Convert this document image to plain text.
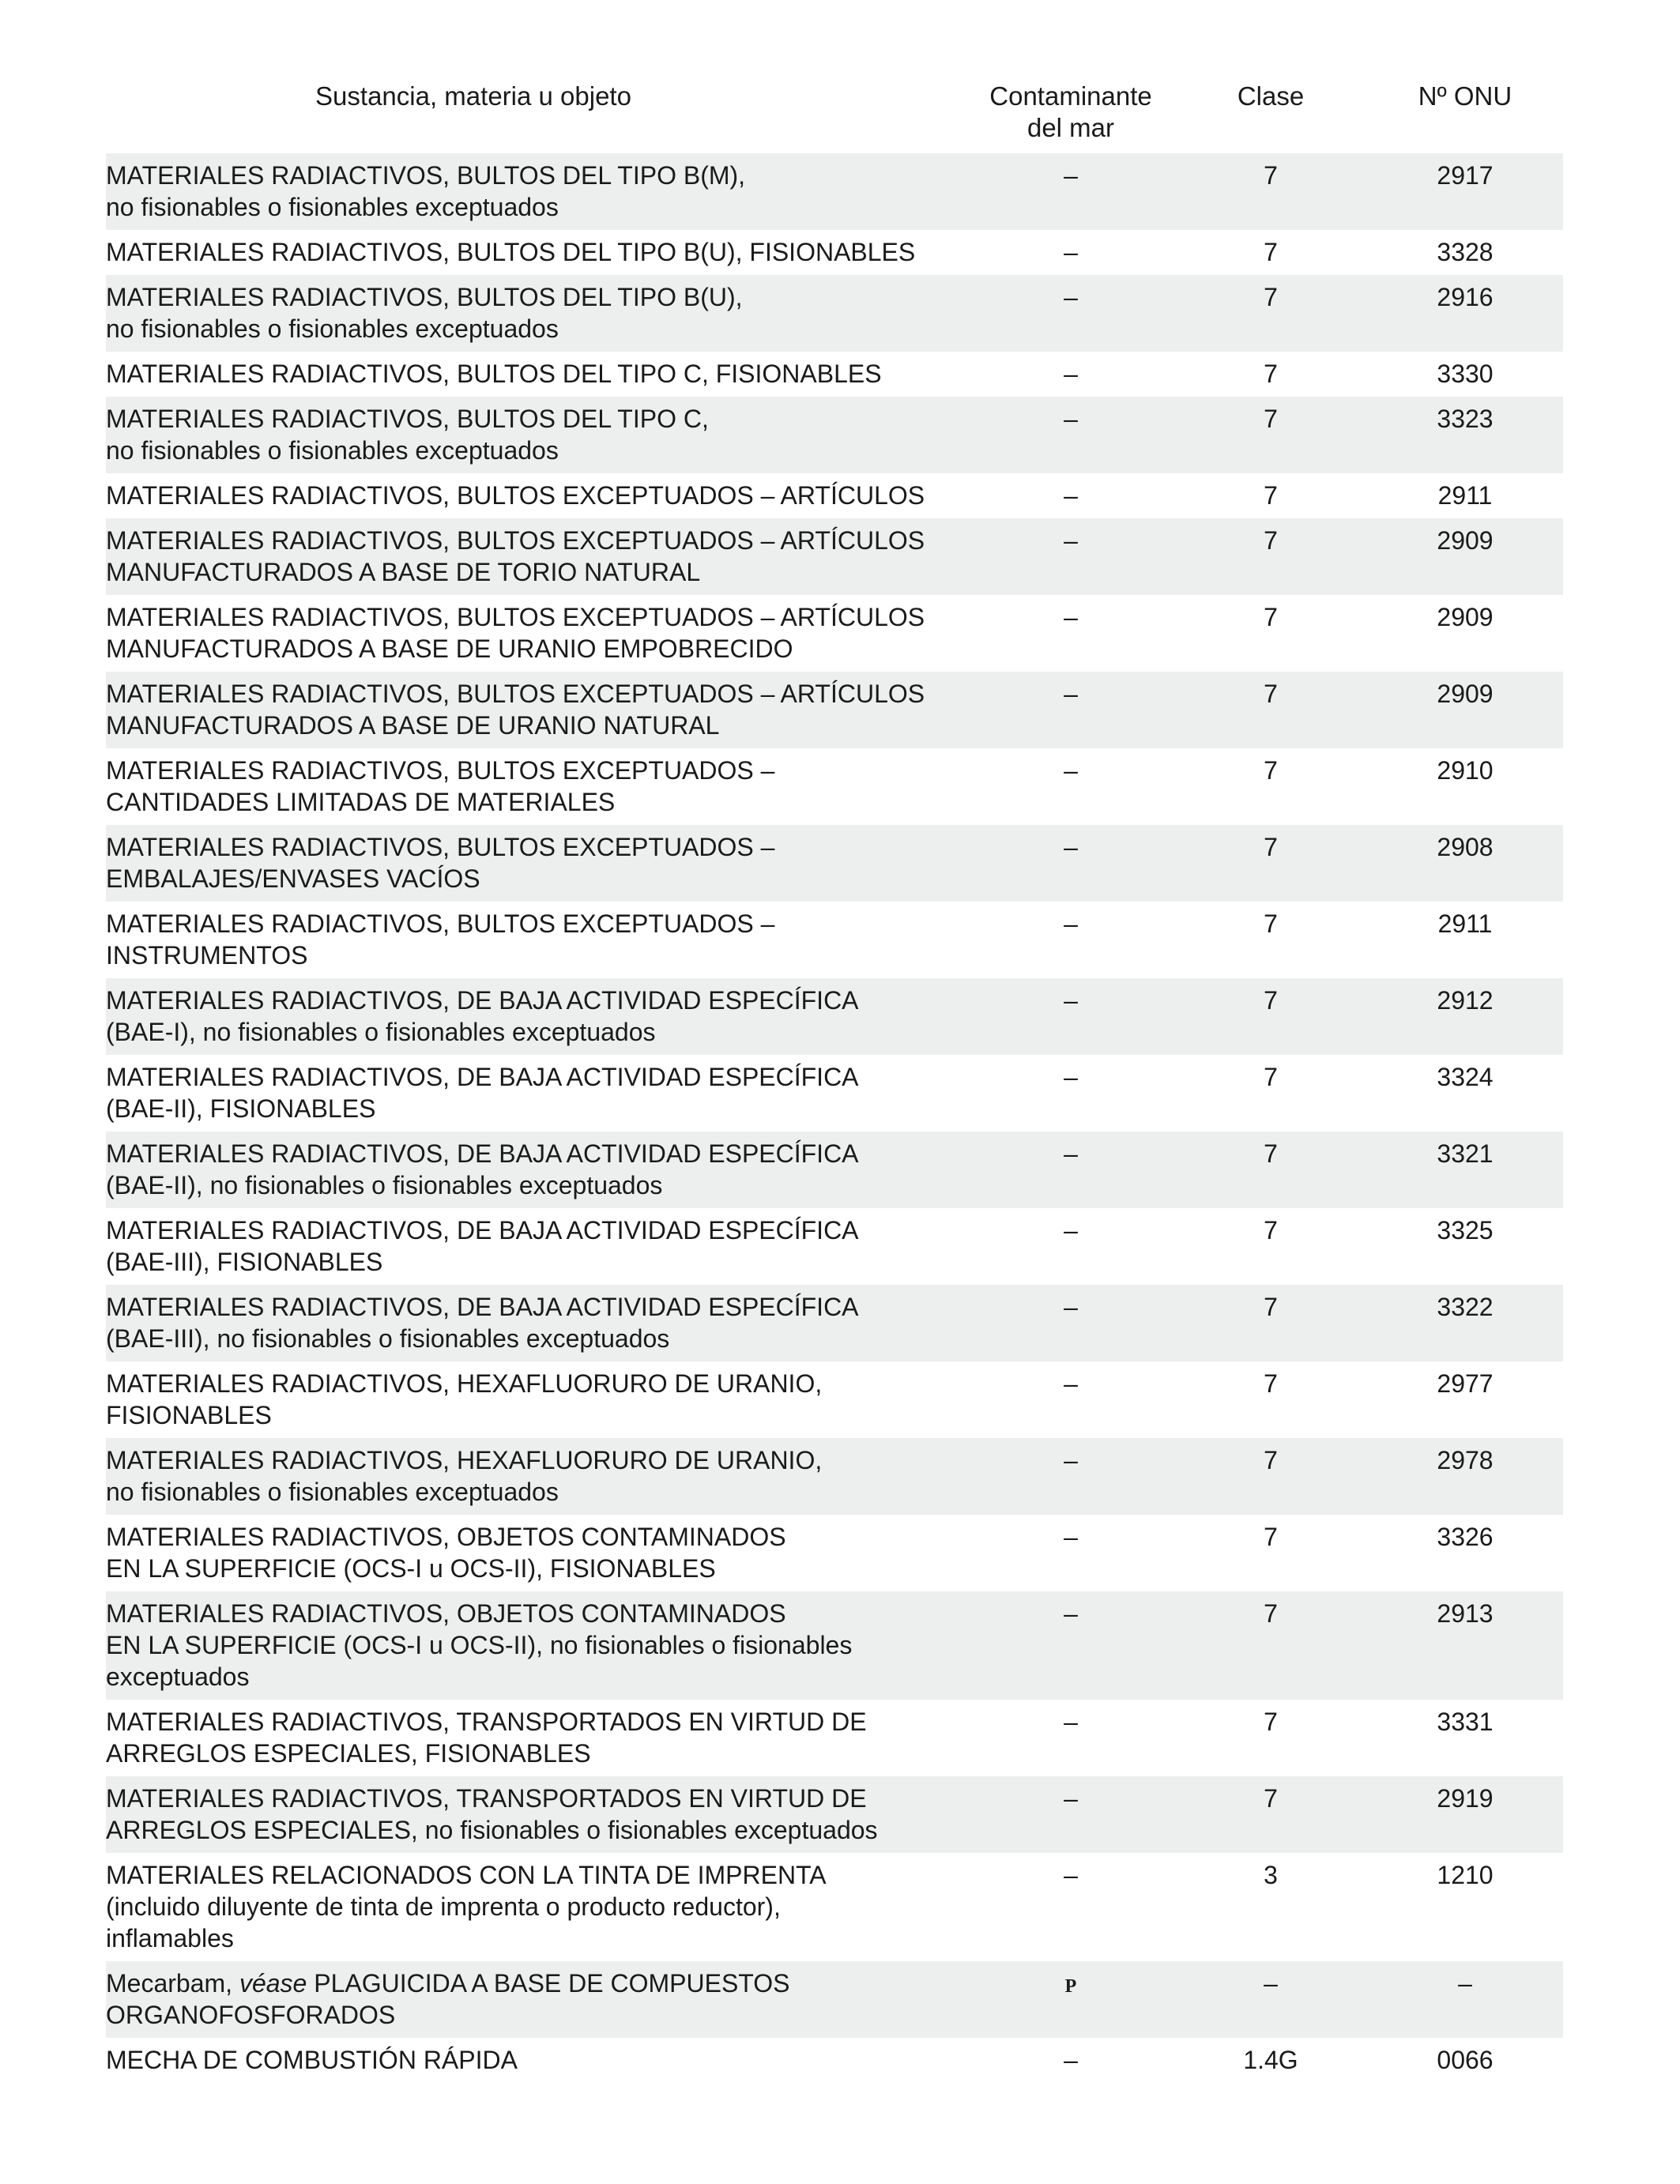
Sustancia, materia u objeto	Contaminante
del mar	Clase	Nº ONU
MATERIALES RADIACTIVOS, BULTOS DEL TIPO B(M),
no fisionables o fisionables exceptuados	–	7	2917
MATERIALES RADIACTIVOS, BULTOS DEL TIPO B(U), FISIONABLES	–	7	3328
MATERIALES RADIACTIVOS, BULTOS DEL TIPO B(U),
no fisionables o fisionables exceptuados	–	7	2916
MATERIALES RADIACTIVOS, BULTOS DEL TIPO C, FISIONABLES	–	7	3330
MATERIALES RADIACTIVOS, BULTOS DEL TIPO C,
no fisionables o fisionables exceptuados	–	7	3323
MATERIALES RADIACTIVOS, BULTOS EXCEPTUADOS – ARTÍCULOS	–	7	2911
MATERIALES RADIACTIVOS, BULTOS EXCEPTUADOS – ARTÍCULOS
MANUFACTURADOS A BASE DE TORIO NATURAL	–	7	2909
MATERIALES RADIACTIVOS, BULTOS EXCEPTUADOS – ARTÍCULOS
MANUFACTURADOS A BASE DE URANIO EMPOBRECIDO	–	7	2909
MATERIALES RADIACTIVOS, BULTOS EXCEPTUADOS – ARTÍCULOS
MANUFACTURADOS A BASE DE URANIO NATURAL	–	7	2909
MATERIALES RADIACTIVOS, BULTOS EXCEPTUADOS –
CANTIDADES LIMITADAS DE MATERIALES	–	7	2910
MATERIALES RADIACTIVOS, BULTOS EXCEPTUADOS –
EMBALAJES/ENVASES VACÍOS	–	7	2908
MATERIALES RADIACTIVOS, BULTOS EXCEPTUADOS –
INSTRUMENTOS	–	7	2911
MATERIALES RADIACTIVOS, DE BAJA ACTIVIDAD ESPECÍFICA
(BAE-I), no fisionables o fisionables exceptuados	–	7	2912
MATERIALES RADIACTIVOS, DE BAJA ACTIVIDAD ESPECÍFICA
(BAE-II), FISIONABLES	–	7	3324
MATERIALES RADIACTIVOS, DE BAJA ACTIVIDAD ESPECÍFICA
(BAE-II), no fisionables o fisionables exceptuados	–	7	3321
MATERIALES RADIACTIVOS, DE BAJA ACTIVIDAD ESPECÍFICA
(BAE-III), FISIONABLES	–	7	3325
MATERIALES RADIACTIVOS, DE BAJA ACTIVIDAD ESPECÍFICA
(BAE-III), no fisionables o fisionables exceptuados	–	7	3322
MATERIALES RADIACTIVOS, HEXAFLUORURO DE URANIO,
FISIONABLES	–	7	2977
MATERIALES RADIACTIVOS, HEXAFLUORURO DE URANIO,
no fisionables o fisionables exceptuados	–	7	2978
MATERIALES RADIACTIVOS, OBJETOS CONTAMINADOS
EN LA SUPERFICIE (OCS-I u OCS-II), FISIONABLES	–	7	3326
MATERIALES RADIACTIVOS, OBJETOS CONTAMINADOS
EN LA SUPERFICIE (OCS-I u OCS-II), no fisionables o fisionables
exceptuados	–	7	2913
MATERIALES RADIACTIVOS, TRANSPORTADOS EN VIRTUD DE
ARREGLOS ESPECIALES, FISIONABLES	–	7	3331
MATERIALES RADIACTIVOS, TRANSPORTADOS EN VIRTUD DE
ARREGLOS ESPECIALES, no fisionables o fisionables exceptuados	–	7	2919
MATERIALES RELACIONADOS CON LA TINTA DE IMPRENTA
(incluido diluyente de tinta de imprenta o producto reductor),
inflamables	–	3	1210
Mecarbam, véase PLAGUICIDA A BASE DE COMPUESTOS
ORGANOFOSFORADOS	P	–	–
MECHA DE COMBUSTIÓN RÁPIDA	–	1.4G	0066
